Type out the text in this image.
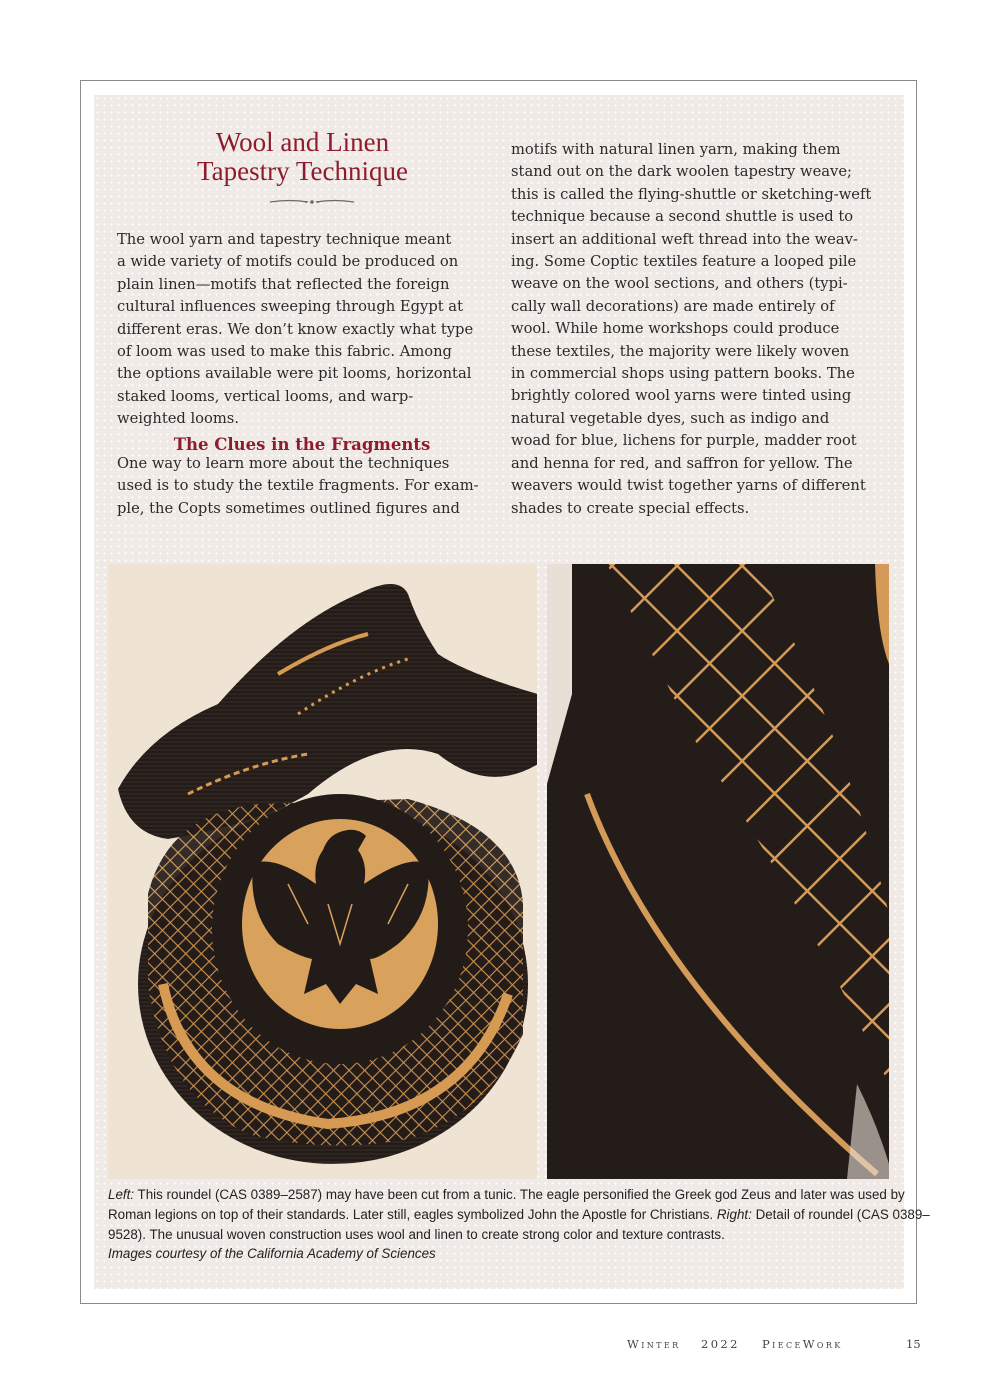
Wool and Linen
Tapestry Technique
The wool yarn and tapestry technique meant
a wide variety of motifs could be produced on
plain linen—motifs that reflected the foreign
cultural influences sweeping through Egypt at
different eras. We don’t know exactly what type
of loom was used to make this fabric. Among
the options available were pit looms, horizontal
staked looms, vertical looms, and warp-
weighted looms.
The Clues in the Fragments
One way to learn more about the techniques
used is to study the textile fragments. For exam-
ple, the Copts sometimes outlined figures and
motifs with natural linen yarn, making them
stand out on the dark woolen tapestry weave;
this is called the flying-shuttle or sketching-weft
technique because a second shuttle is used to
insert an additional weft thread into the weav-
ing. Some Coptic textiles feature a looped pile
weave on the wool sections, and others (typi-
cally wall decorations) are made entirely of
wool. While home workshops could produce
these textiles, the majority were likely woven
in commercial shops using pattern books. The
brightly colored wool yarns were tinted using
natural vegetable dyes, such as indigo and
woad for blue, lichens for purple, madder root
and henna for red, and saffron for yellow. The
weavers would twist together yarns of different
shades to create special effects.
Left: This roundel (CAS 0389–2587) may have been cut from a tunic. The eagle personified the Greek god Zeus and later was used by
Roman legions on top of their standards. Later still, eagles symbolized John the Apostle for Christians. Right: Detail of roundel (CAS 0389–
9528). The unusual woven construction uses wool and linen to create strong color and texture contrasts.
Images courtesy of the California Academy of Sciences
Winter 2022 PieceWork	15
